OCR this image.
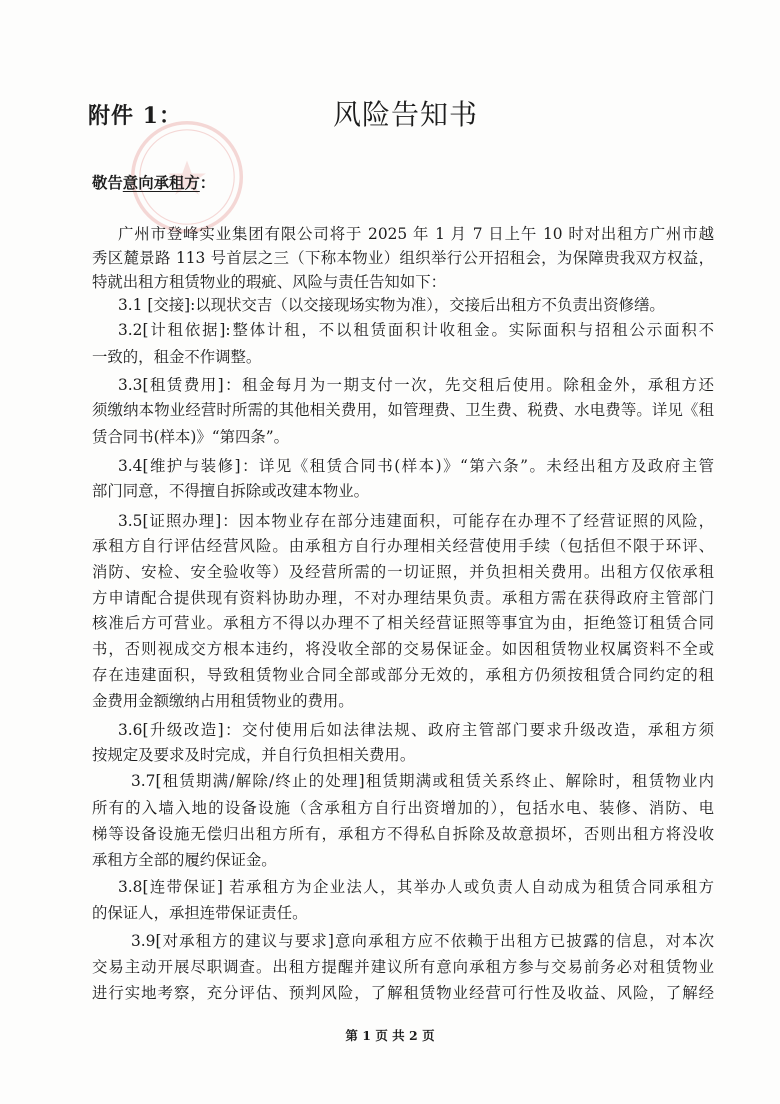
附件 1：	风险告知书
敬告意向承租方：
广州市登峰实业集团有限公司将于 2025 年 1 月 7 日上午 10 时对出租方广州市越
秀区麓景路 113 号首层之三（下称本物业）组织举行公开招租会，为保障贵我双方权益，
特就出租方租赁物业的瑕疵、风险与责任告知如下：
3.1 [交接]:以现状交吉（以交接现场实物为准），交接后出租方不负责出资修缮。
3.2[计租依据]:整体计租，不以租赁面积计收租金。实际面积与招租公示面积不
一致的，租金不作调整。
3.3[租赁费用]：租金每月为一期支付一次，先交租后使用。除租金外，承租方还
须缴纳本物业经营时所需的其他相关费用，如管理费、卫生费、税费、水电费等。详见《租
赁合同书(样本)》“第四条”。
3.4[维护与装修]：详见《租赁合同书(样本)》“第六条”。未经出租方及政府主管
部门同意，不得擅自拆除或改建本物业。
3.5[证照办理]：因本物业存在部分违建面积，可能存在办理不了经营证照的风险，
承租方自行评估经营风险。由承租方自行办理相关经营使用手续（包括但不限于环评、
消防、安检、安全验收等）及经营所需的一切证照，并负担相关费用。出租方仅依承租
方申请配合提供现有资料协助办理，不对办理结果负责。承租方需在获得政府主管部门
核准后方可营业。承租方不得以办理不了相关经营证照等事宜为由，拒绝签订租赁合同
书，否则视成交方根本违约，将没收全部的交易保证金。如因租赁物业权属资料不全或
存在违建面积，导致租赁物业合同全部或部分无效的，承租方仍须按租赁合同约定的租
金费用金额缴纳占用租赁物业的费用。
3.6[升级改造]：交付使用后如法律法规、政府主管部门要求升级改造，承租方须
按规定及要求及时完成，并自行负担相关费用。
3.7[租赁期满/解除/终止的处理]租赁期满或租赁关系终止、解除时，租赁物业内
所有的入墙入地的设备设施（含承租方自行出资增加的），包括水电、装修、消防、电
梯等设备设施无偿归出租方所有，承租方不得私自拆除及故意损坏，否则出租方将没收
承租方全部的履约保证金。
3.8[连带保证] 若承租方为企业法人，其举办人或负责人自动成为租赁合同承租方
的保证人，承担连带保证责任。
3.9[对承租方的建议与要求]意向承租方应不依赖于出租方已披露的信息，对本次
交易主动开展尽职调查。出租方提醒并建议所有意向承租方参与交易前务必对租赁物业
进行实地考察，充分评估、预判风险，了解租赁物业经营可行性及收益、风险，了解经
第 1 页 共 2 页
